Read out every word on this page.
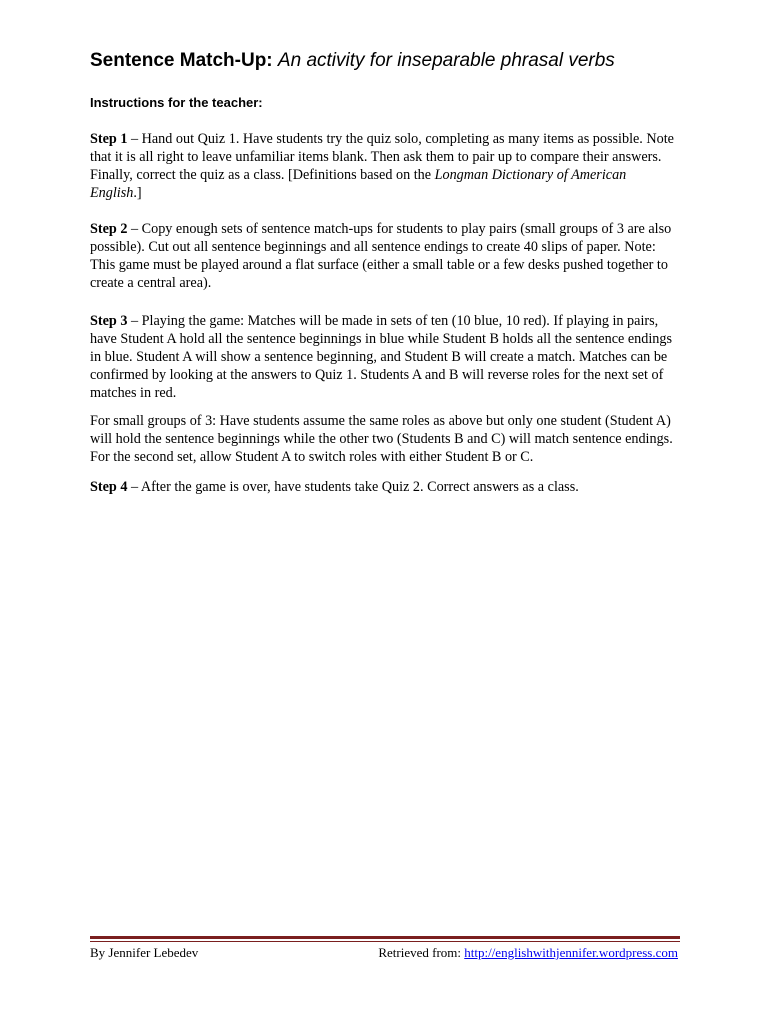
Sentence Match-Up: An activity for inseparable phrasal verbs

Instructions for the teacher:

Step 1 – Hand out Quiz 1. Have students try the quiz solo, completing as many items as possible. Note that it is all right to leave unfamiliar items blank. Then ask them to pair up to compare their answers. Finally, correct the quiz as a class. [Definitions based on the Longman Dictionary of American English.]

Step 2 – Copy enough sets of sentence match-ups for students to play pairs (small groups of 3 are also possible). Cut out all sentence beginnings and all sentence endings to create 40 slips of paper. Note: This game must be played around a flat surface (either a small table or a few desks pushed together to create a central area).

Step 3 – Playing the game: Matches will be made in sets of ten (10 blue, 10 red). If playing in pairs, have Student A hold all the sentence beginnings in blue while Student B holds all the sentence endings in blue. Student A will show a sentence beginning, and Student B will create a match. Matches can be confirmed by looking at the answers to Quiz 1. Students A and B will reverse roles for the next set of matches in red.

For small groups of 3: Have students assume the same roles as above but only one student (Student A) will hold the sentence beginnings while the other two (Students B and C) will match sentence endings. For the second set, allow Student A to switch roles with either Student B or C.

Step 4 – After the game is over, have students take Quiz 2. Correct answers as a class.

By Jennifer Lebedev	Retrieved from: http://englishwithjennifer.wordpress.com
